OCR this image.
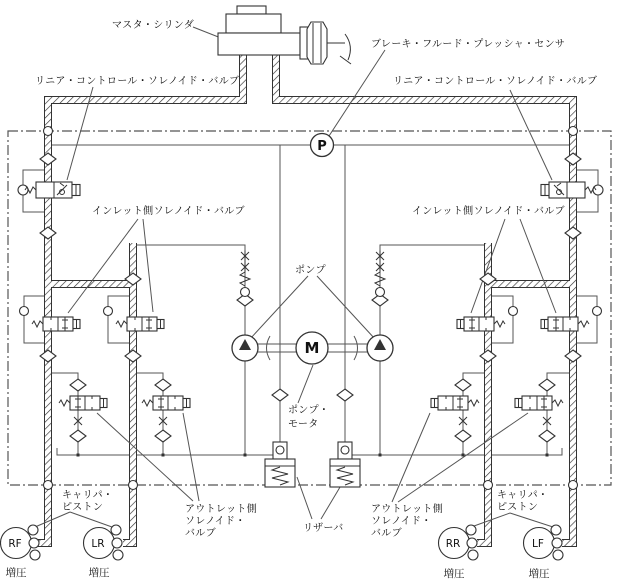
P
M
マスタ・シリンダ
ブレーキ・フルード・プレッシャ・センサ
リニア・コントロール・ソレノイド・バルブ	リニア・コントロール・ソレノイド・バルブ
インレット側ソレノイド・バルブ	インレット側ソレノイド・バルブ
ポンプ
ポンプ・
モータ
リザーバ
アウトレット側
ソレノイド・
バルブ
アウトレット側
ソレノイド・
バルブ
キャリパ・
ピストン
キャリパ・
ピストン
RF	LR	RR	LF
増圧	増圧	増圧	増圧
